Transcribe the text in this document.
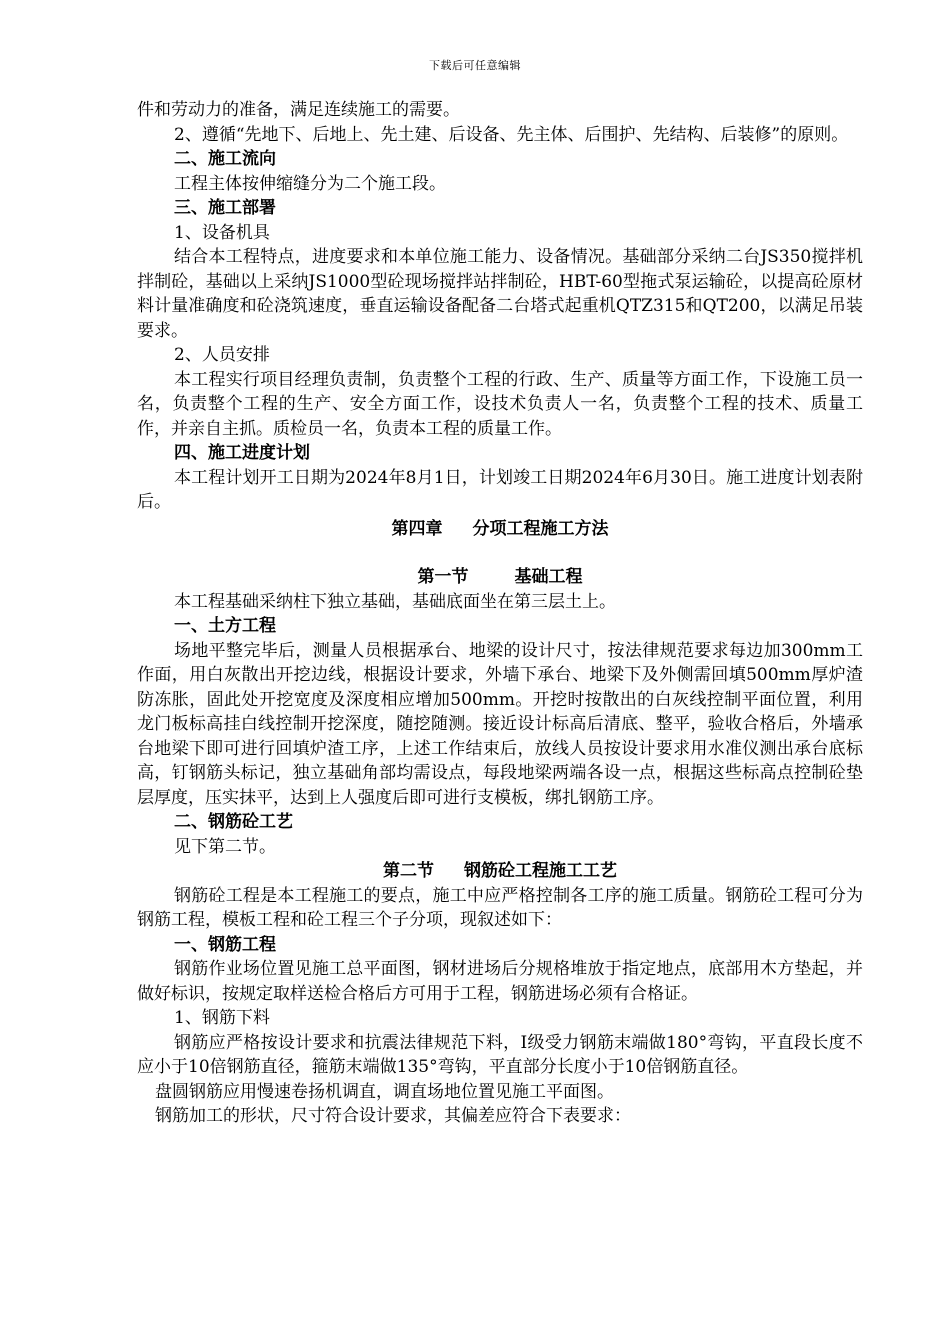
下载后可任意编辑

件和劳动力的准备，满足连续施工的需要。

2、遵循“先地下、后地上、先土建、后设备、先主体、后围护、先结构、后装修”的原则。

二、施工流向

工程主体按伸缩缝分为二个施工段。

三、施工部署

1、设备机具

结合本工程特点，进度要求和本单位施工能力、设备情况。基础部分采纳二台JS350搅拌机拌制砼，基础以上采纳JS1000型砼现场搅拌站拌制砼，HBT-60型拖式泵运输砼，以提高砼原材料计量准确度和砼浇筑速度，垂直运输设备配备二台塔式起重机QTZ315和QT200，以满足吊装要求。

2、人员安排

本工程实行项目经理负责制，负责整个工程的行政、生产、质量等方面工作，下设施工员一名，负责整个工程的生产、安全方面工作，设技术负责人一名，负责整个工程的技术、质量工作，并亲自主抓。质检员一名，负责本工程的质量工作。

四、施工进度计划

本工程计划开工日期为2024年8月1日，计划竣工日期2024年6月30日。施工进度计划表附后。

第四章 分项工程施工方法

第一节	基础工程

本工程基础采纳柱下独立基础，基础底面坐在第三层土上。

一、土方工程

场地平整完毕后，测量人员根据承台、地梁的设计尺寸，按法律规范要求每边加300mm工作面，用白灰散出开挖边线，根据设计要求，外墙下承台、地梁下及外侧需回填500mm厚炉渣防冻胀，固此处开挖宽度及深度相应增加500mm。开挖时按散出的白灰线控制平面位置，利用龙门板标高挂白线控制开挖深度，随挖随测。接近设计标高后清底、整平，验收合格后，外墙承台地梁下即可进行回填炉渣工序，上述工作结束后，放线人员按设计要求用水准仪测出承台底标高，钉钢筋头标记，独立基础角部均需设点，每段地梁两端各设一点，根据这些标高点控制砼垫层厚度，压实抹平，达到上人强度后即可进行支模板，绑扎钢筋工序。

二、钢筋砼工艺

见下第二节。

第二节 钢筋砼工程施工工艺

钢筋砼工程是本工程施工的要点，施工中应严格控制各工序的施工质量。钢筋砼工程可分为钢筋工程，模板工程和砼工程三个子分项，现叙述如下：

一、钢筋工程

钢筋作业场位置见施工总平面图，钢材进场后分规格堆放于指定地点，底部用木方垫起，并做好标识，按规定取样送检合格后方可用于工程，钢筋进场必须有合格证。

1、钢筋下料

钢筋应严格按设计要求和抗震法律规范下料，I级受力钢筋末端做180°弯钩，平直段长度不应小于10倍钢筋直径，箍筋末端做135°弯钩，平直部分长度小于10倍钢筋直径。

盘圆钢筋应用慢速卷扬机调直，调直场地位置见施工平面图。

钢筋加工的形状，尺寸符合设计要求，其偏差应符合下表要求：
